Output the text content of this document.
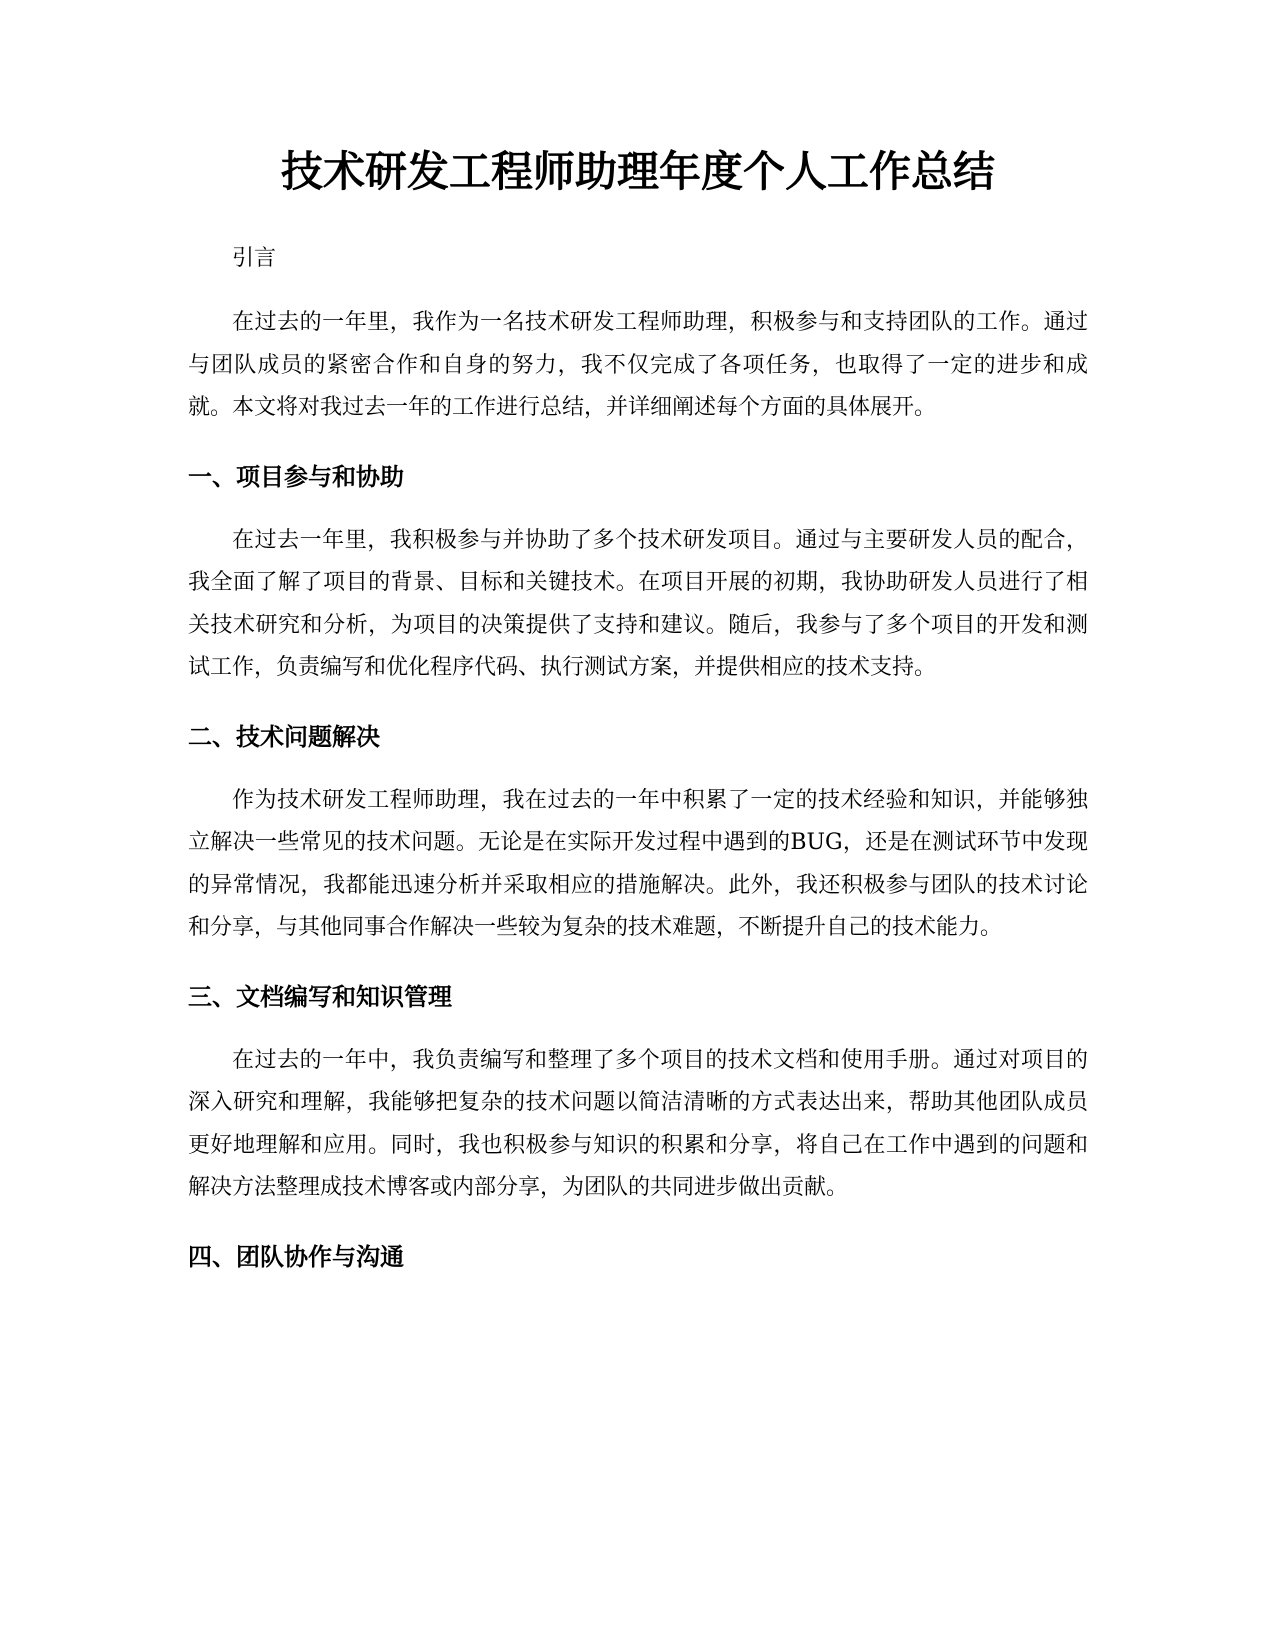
技术研发工程师助理年度个人工作总结

引言

在过去的一年里，我作为一名技术研发工程师助理，积极参与和支持团队的工作。通过与团队成员的紧密合作和自身的努力，我不仅完成了各项任务，也取得了一定的进步和成就。本文将对我过去一年的工作进行总结，并详细阐述每个方面的具体展开。

一、项目参与和协助

在过去一年里，我积极参与并协助了多个技术研发项目。通过与主要研发人员的配合，我全面了解了项目的背景、目标和关键技术。在项目开展的初期，我协助研发人员进行了相关技术研究和分析，为项目的决策提供了支持和建议。随后，我参与了多个项目的开发和测试工作，负责编写和优化程序代码、执行测试方案，并提供相应的技术支持。

二、技术问题解决

作为技术研发工程师助理，我在过去的一年中积累了一定的技术经验和知识，并能够独立解决一些常见的技术问题。无论是在实际开发过程中遇到的BUG，还是在测试环节中发现的异常情况，我都能迅速分析并采取相应的措施解决。此外，我还积极参与团队的技术讨论和分享，与其他同事合作解决一些较为复杂的技术难题，不断提升自己的技术能力。

三、文档编写和知识管理

在过去的一年中，我负责编写和整理了多个项目的技术文档和使用手册。通过对项目的深入研究和理解，我能够把复杂的技术问题以简洁清晰的方式表达出来，帮助其他团队成员更好地理解和应用。同时，我也积极参与知识的积累和分享，将自己在工作中遇到的问题和解决方法整理成技术博客或内部分享，为团队的共同进步做出贡献。

四、团队协作与沟通
